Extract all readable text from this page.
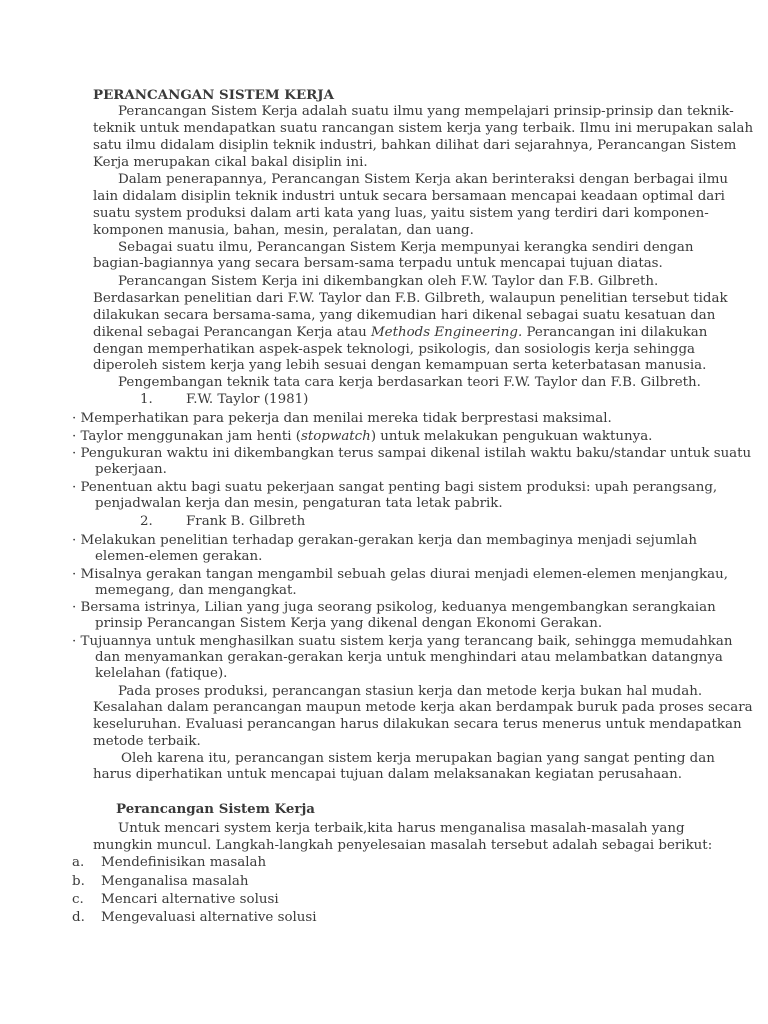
PERANCANGAN SISTEM KERJA
Perancangan Sistem Kerja adalah suatu ilmu yang mempelajari prinsip-prinsip dan teknik-
teknik untuk mendapatkan suatu rancangan sistem kerja yang terbaik. Ilmu ini merupakan salah
satu ilmu didalam disiplin teknik industri, bahkan dilihat dari sejarahnya, Perancangan Sistem
Kerja merupakan cikal bakal disiplin ini.
Dalam penerapannya, Perancangan Sistem Kerja akan berinteraksi dengan berbagai ilmu
lain didalam disiplin teknik industri untuk secara bersamaan mencapai keadaan optimal dari
suatu system produksi dalam arti kata yang luas, yaitu sistem yang terdiri dari komponen-
komponen manusia, bahan, mesin, peralatan, dan uang.
Sebagai suatu ilmu, Perancangan Sistem Kerja mempunyai kerangka sendiri dengan
bagian-bagiannya yang secara bersam-sama terpadu untuk mencapai tujuan diatas.
Perancangan Sistem Kerja ini dikembangkan oleh F.W. Taylor dan F.B. Gilbreth.
Berdasarkan penelitian dari F.W. Taylor dan F.B. Gilbreth, walaupun penelitian tersebut tidak
dilakukan secara bersama-sama, yang dikemudian hari dikenal sebagai suatu kesatuan dan
dikenal sebagai Perancangan Kerja atau Methods Engineering. Perancangan ini dilakukan
dengan memperhatikan aspek-aspek teknologi, psikologis, dan sosiologis kerja sehingga
diperoleh sistem kerja yang lebih sesuai dengan kemampuan serta keterbatasan manusia.
Pengembangan teknik tata cara kerja berdasarkan teori F.W. Taylor dan F.B. Gilbreth.
1. F.W. Taylor (1981)
· Memperhatikan para pekerja dan menilai mereka tidak berprestasi maksimal.
· Taylor menggunakan jam henti (stopwatch) untuk melakukan pengukuan waktunya.
· Pengukuran waktu ini dikembangkan terus sampai dikenal istilah waktu baku/standar untuk suatu
pekerjaan.
· Penentuan aktu bagi suatu pekerjaan sangat penting bagi sistem produksi: upah perangsang,
penjadwalan kerja dan mesin, pengaturan tata letak pabrik.
2. Frank B. Gilbreth
· Melakukan penelitian terhadap gerakan-gerakan kerja dan membaginya menjadi sejumlah
elemen-elemen gerakan.
· Misalnya gerakan tangan mengambil sebuah gelas diurai menjadi elemen-elemen menjangkau,
memegang, dan mengangkat.
· Bersama istrinya, Lilian yang juga seorang psikolog, keduanya mengembangkan serangkaian
prinsip Perancangan Sistem Kerja yang dikenal dengan Ekonomi Gerakan.
· Tujuannya untuk menghasilkan suatu sistem kerja yang terancang baik, sehingga memudahkan
dan menyamankan gerakan-gerakan kerja untuk menghindari atau melambatkan datangnya
kelelahan (fatique).
Pada proses produksi, perancangan stasiun kerja dan metode kerja bukan hal mudah.
Kesalahan dalam perancangan maupun metode kerja akan berdampak buruk pada proses secara
keseluruhan. Evaluasi perancangan harus dilakukan secara terus menerus untuk mendapatkan
metode terbaik.
Oleh karena itu, perancangan sistem kerja merupakan bagian yang sangat penting dan
harus diperhatikan untuk mencapai tujuan dalam melaksanakan kegiatan perusahaan.
Perancangan Sistem Kerja
Untuk mencari system kerja terbaik,kita harus menganalisa masalah-masalah yang
mungkin muncul. Langkah-langkah penyelesaian masalah tersebut adalah sebagai berikut:
a. Mendefinisikan masalah
b. Menganalisa masalah
c. Mencari alternative solusi
d. Mengevaluasi alternative solusi
